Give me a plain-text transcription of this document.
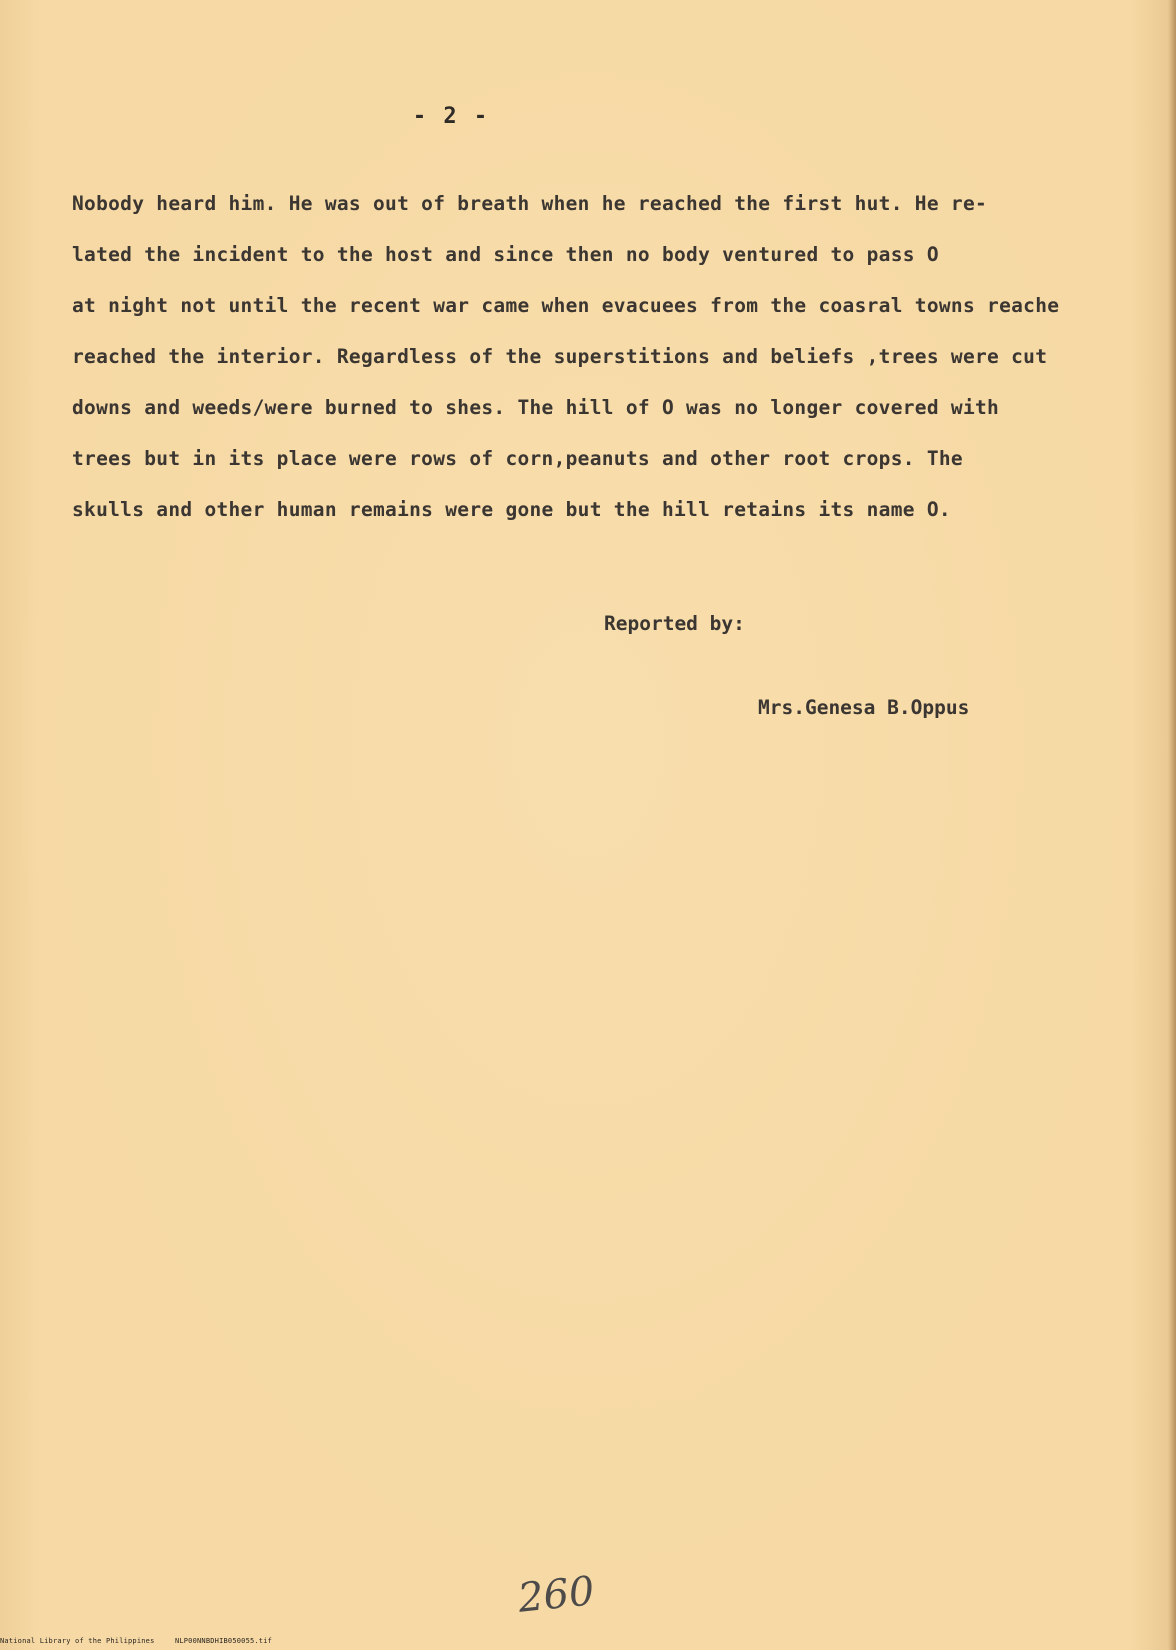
- 2 -
Nobody heard him. He was out of breath when he reached the first hut. He re-
lated the incident to the host and since then no body ventured to pass O
at night not until the recent war came when evacuees from the coasral towns reache
reached the interior. Regardless of the superstitions and beliefs ,trees were cut
downs and weeds/were burned to shes. The hill of O was no longer covered with
trees but in its place were rows of corn,peanuts and other root crops. The
skulls and other human remains were gone but the hill retains its name O.
Reported by:
Mrs.Genesa B.Oppus
260
National Library of the Philippines	NLP00NNBDHIB050055.tif
